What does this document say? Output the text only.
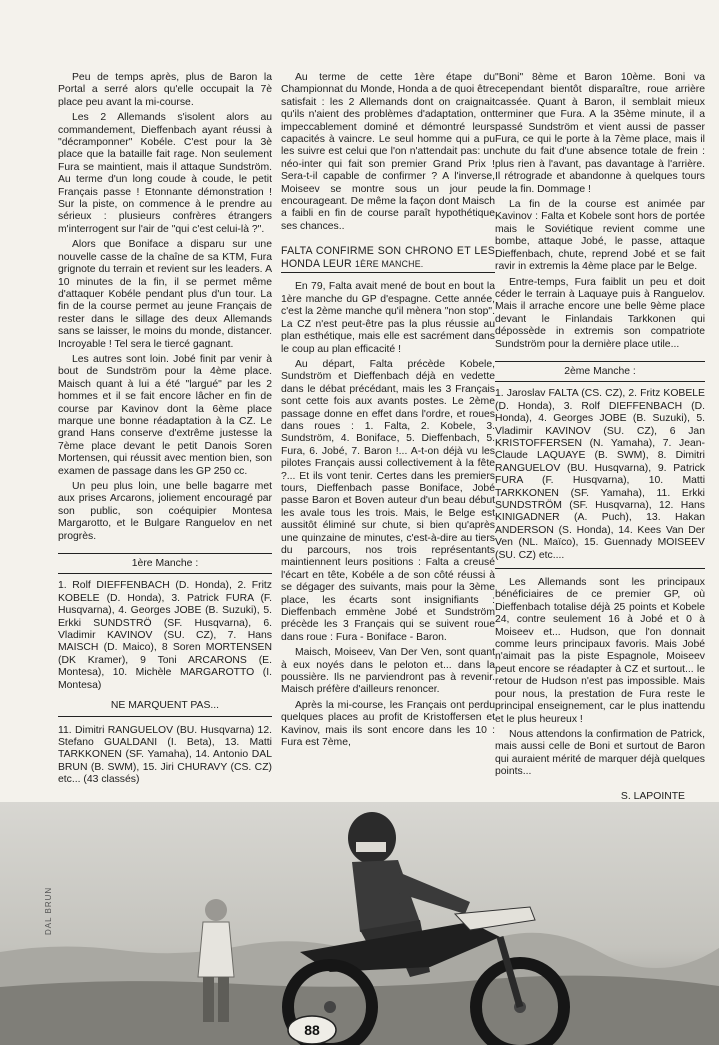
Peu de temps après, plus de Baron la Portal a serré alors qu'elle occupait la 7è place peu avant la mi-course.

Les 2 Allemands s'isolent alors au commandement, Dieffenbach ayant réussi à "décramponner" Kobéle. C'est pour la 3è place que la bataille fait rage. Non seulement Fura se maintient, mais il attaque Sundström. Au terme d'un long coude à coude, le petit Français passe ! Etonnante démonstration ! Sur la piste, on commence à le prendre au sérieux : plusieurs confrères étrangers m'interrogent sur l'air de "qui c'est celui-là ?".

Alors que Boniface a disparu sur une nouvelle casse de la chaîne de sa KTM, Fura grignote du terrain et revient sur les leaders. A 10 minutes de la fin, il se permet même d'attaquer Kobéle pendant plus d'un tour. La fin de la course permet au jeune Français de rester dans le sillage des deux Allemands sans se laisser, le moins du monde, distancer. Incroyable ! Tel sera le tiercé gagnant.

Les autres sont loin. Jobé finit par venir à bout de Sundström pour la 4ème place. Maisch quant à lui a été "largué" par les 2 hommes et il se fait encore lâcher en fin de course par Kavinov dont la 6ème place marque une bonne réadaptation à la CZ. Le grand Hans conserve d'extrême justesse la 7ème place devant le petit Danois Soren Mortensen, qui réussit avec mention bien, son examen de passage dans les GP 250 cc.

Un peu plus loin, une belle bagarre met aux prises Arcarons, joliement encouragé par son public, son coéquipier Montesa Margarotto, et le Bulgare Ranguelov en net progrès.

1ère Manche :

1. Rolf DIEFFENBACH (D. Honda), 2. Fritz KOBELE (D. Honda), 3. Patrick FURA (F. Husqvarna), 4. Georges JOBE (B. Suzuki), 5. Erkki SUNDSTRÖ (SF. Husqvarna), 6. Vladimir KAVINOV (SU. CZ), 7. Hans MAISCH (D. Maico), 8 Soren MORTENSEN (DK Kramer), 9 Toni ARCARONS (E. Montesa), 10. Michèle MARGAROTTO (I. Montesa)

NE MARQUENT PAS...

11. Dimitri RANGUELOV (BU. Husqvarna) 12. Stefano GUALDANI (I. Beta), 13. Matti TARKKONEN (SF. Yamaha), 14. Antonio DAL BRUN (B. SWM), 15. Jiri CHURAVY (CS. CZ) etc... (43 classés)

Au terme de cette 1ère étape du Championnat du Monde, Honda a de quoi être satisfait : les 2 Allemands dont on craignait qu'ils n'aient des problèmes d'adaptation, ont impeccablement dominé et démontré leurs capacités à vaincre. Le seul homme qui a pu les suivre est celui que l'on n'attendait pas: un néo-inter qui fait son premier Grand Prix ! Sera-t-il capable de confirmer ? A l'inverse, Moiseev se montre sous un jour peu encourageant. De même la façon dont Maisch a faibli en fin de course paraît hypothétique ses chances..

FALTA CONFIRME SON CHRONO ET LES HONDA LEUR 1ÈRE MANCHE.

En 79, Falta avait mené de bout en bout la 1ère manche du GP d'espagne. Cette année, c'est la 2ème manche qu'il mènera "non stop". La CZ n'est peut-être pas la plus réussie au plan esthétique, mais elle est sacrément dans le coup au plan efficacité !

Au départ, Falta précède Kobele, Sundström et Dieffenbach déjà en vedette dans le débat précédant, mais les 3 Français sont cette fois aux avants postes. Le 2ème passage donne en effet dans l'ordre, et roues dans roues : 1. Falta, 2. Kobele, 3. Sundström, 4. Boniface, 5. Dieffenbach, 5. Fura, 6. Jobé, 7. Baron !... A-t-on déjà vu les pilotes Français aussi collectivement à la fête ?... Et ils vont tenir. Certes dans les premiers tours, Dieffenbach passe Boniface, Jobé passe Baron et Boven auteur d'un beau début les avale tous les trois. Mais, le Belge est aussitôt éliminé sur chute, si bien qu'après une quinzaine de minutes, c'est-à-dire au tiers du parcours, nos trois représentants maintiennent leurs positions : Falta a creusé l'écart en tête, Kobéle a de son côté réussi à se dégager des suivants, mais pour la 3ème place, les écarts sont insignifiants : Dieffenbach emmène Jobé et Sundström précède les 3 Français qui se suivent roue dans roue : Fura - Boniface - Baron.

Maisch, Moiseev, Van Der Ven, sont quant à eux noyés dans le peloton et... dans la poussière. Ils ne parviendront pas à revenir. Maisch préfère d'ailleurs renoncer.

Après la mi-course, les Français ont perdu quelques places au profit de Kristoffersen et Kavinov, mais ils sont encore dans les 10 : Fura est 7ème,

"Boni" 8ème et Baron 10ème. Boni va cependant bientôt disparaître, roue arrière cassée. Quant à Baron, il semblait mieux terminer que Fura. A la 35ème minute, il a passé Sundström et vient aussi de passer Fura, ce qui le porte à la 7ème place, mais il chute du fait d'une absence totale de frein : plus rien à l'avant, pas davantage à l'arrière. Il rétrograde et abandonne à quelques tours de la fin. Dommage !

La fin de la course est animée par Kavinov : Falta et Kobele sont hors de portée mais le Soviétique revient comme une bombe, attaque Jobé, le passe, attaque Dieffenbach, chute, reprend Jobé et se fait ravir in extremis la 4ème place par le Belge.

Entre-temps, Fura faiblit un peu et doit céder le terrain à Laquaye puis à Ranguelov. Mais il arrache encore une belle 9ème place devant le Finlandais Tarkkonen qui dépossède in extremis son compatriote Sundström pour la dernière place utile...

2ème Manche :

1. Jaroslav FALTA (CS. CZ), 2. Fritz KOBELE (D. Honda), 3. Rolf DIEFFENBACH (D. Honda), 4. Georges JOBE (B. Suzuki), 5. Vladimir KAVINOV (SU. CZ), 6 Jan KRISTOFFERSEN (N. Yamaha), 7. Jean-Claude LAQUAYE (B. SWM), 8. Dimitri RANGUELOV (BU. Husqvarna), 9. Patrick FURA (F. Husqvarna), 10. Matti TARKKONEN (SF. Yamaha), 11. Erkki SUNDSTRÖM (SF. Husqvarna), 12. Hans KINIGADNER (A. Puch), 13. Hakan ANDERSON (S. Honda), 14. Kees Van Der Ven (NL. Maïco), 15. Guennady MOISEEV (SU. CZ) etc....

Les Allemands sont les principaux bénéficiaires de ce premier GP, où Dieffenbach totalise déjà 25 points et Kobele 24, contre seulement 16 à Jobé et 0 à Moiseev et... Hudson, que l'on donnait comme leurs principaux favoris. Mais Jobé n'aimait pas la piste Espagnole, Moiseev peut encore se réadapter à CZ et surtout... le retour de Hudson n'est pas impossible. Mais pour nous, la prestation de Fura reste le principal enseignement, car le plus inattendu et le plus heureux !

Nous attendons la confirmation de Patrick, mais aussi celle de Boni et surtout de Baron qui auraient mérité de marquer déjà quelques points...

S. LAPOINTE
88
DAL BRUN
